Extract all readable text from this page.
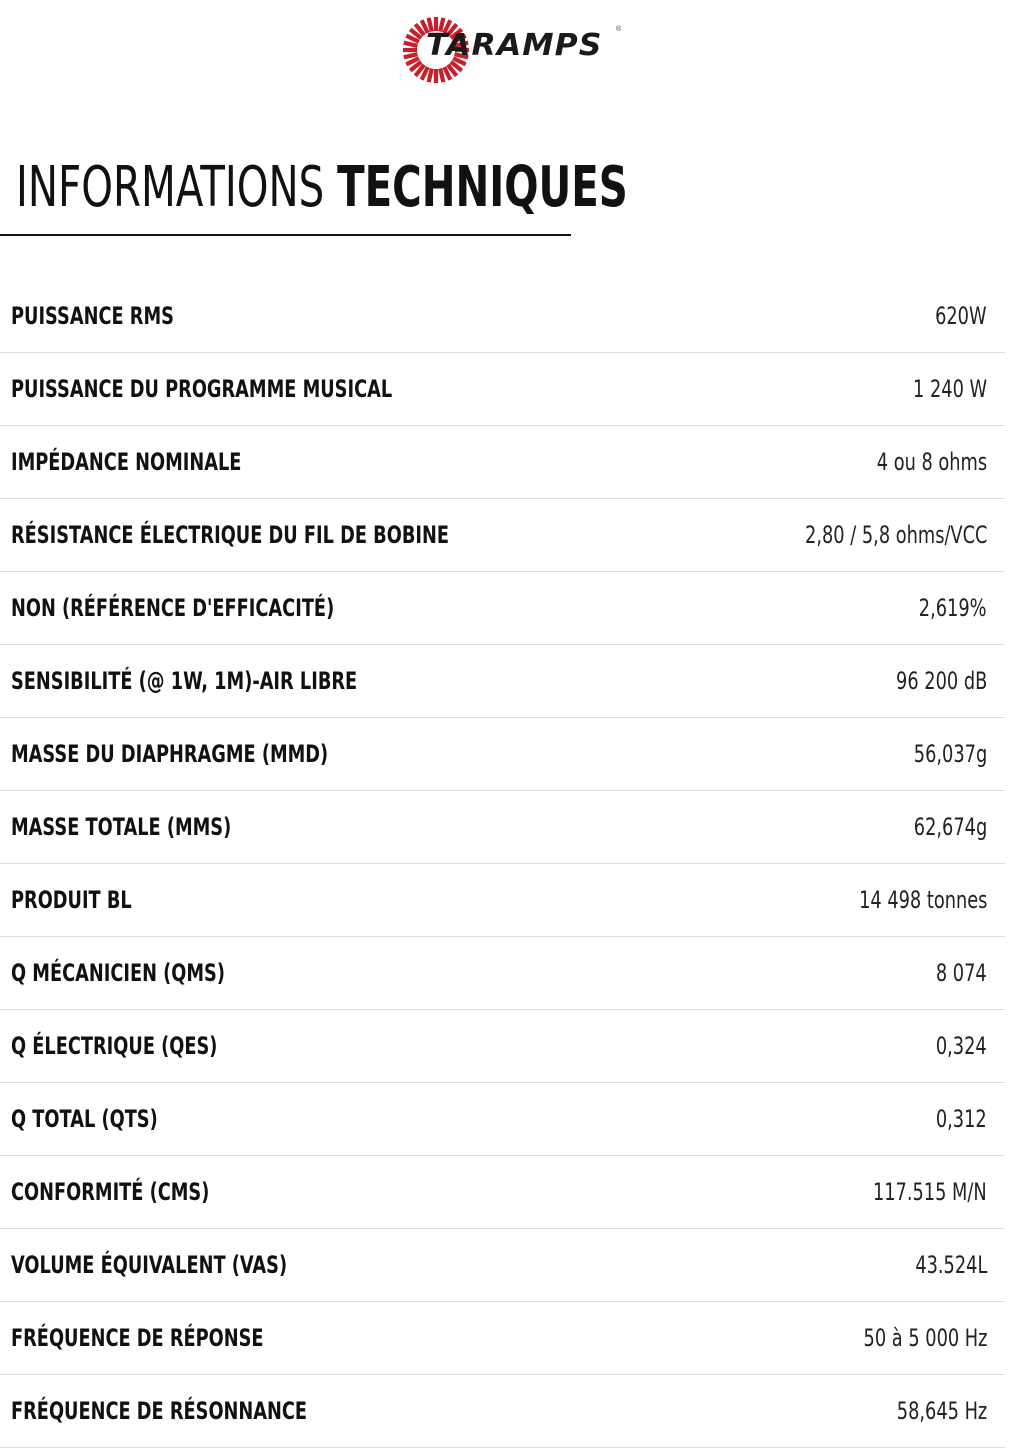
TARAMPS ®
INFORMATIONS TECHNIQUES
PUISSANCE RMS	620W
PUISSANCE DU PROGRAMME MUSICAL	1 240 W
IMPÉDANCE NOMINALE	4 ou 8 ohms
RÉSISTANCE ÉLECTRIQUE DU FIL DE BOBINE	2,80 / 5,8 ohms/VCC
NON (RÉFÉRENCE D'EFFICACITÉ)	2,619%
SENSIBILITÉ (@ 1W, 1M)-AIR LIBRE	96 200 dB
MASSE DU DIAPHRAGME (MMD)	56,037g
MASSE TOTALE (MMS)	62,674g
PRODUIT BL	14 498 tonnes
Q MÉCANICIEN (QMS)	8 074
Q ÉLECTRIQUE (QES)	0,324
Q TOTAL (QTS)	0,312
CONFORMITÉ (CMS)	117.515 M/N
VOLUME ÉQUIVALENT (VAS)	43.524L
FRÉQUENCE DE RÉPONSE	50 à 5 000 Hz
FRÉQUENCE DE RÉSONNANCE	58,645 Hz
